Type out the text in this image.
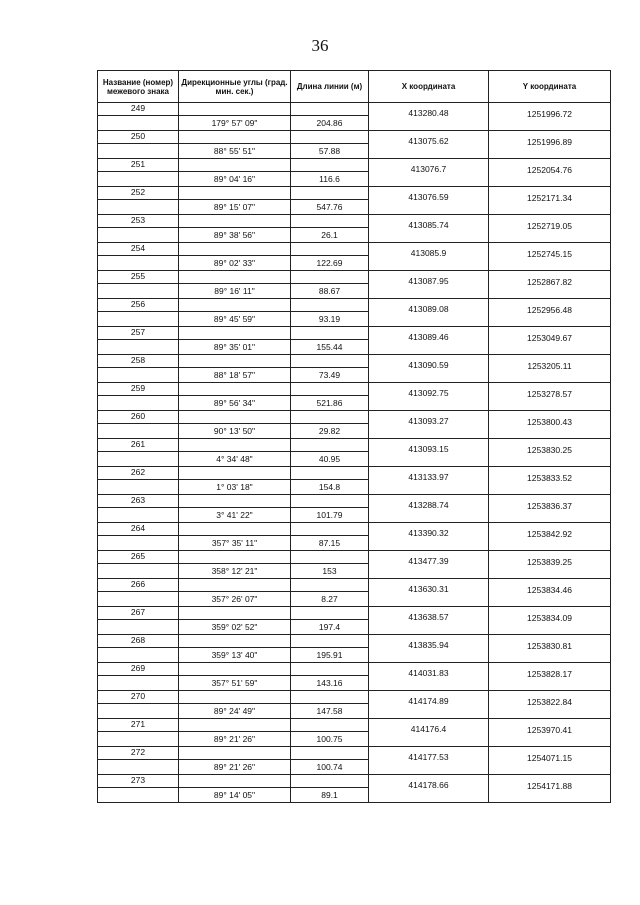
36
Название (номер) межевого знака	Дирекционные углы (град. мин. сек.)	Длина линии (м)	X координата	Y координата
249			413280.48	1251996.72
	179° 57' 09"	204.86		
250			413075.62	1251996.89
	88° 55' 51"	57.88		
251			413076.7	1252054.76
	89° 04' 16"	116.6		
252			413076.59	1252171.34
	89° 15' 07"	547.76		
253			413085.74	1252719.05
	89° 38' 56"	26.1		
254			413085.9	1252745.15
	89° 02' 33"	122.69		
255			413087.95	1252867.82
	89° 16' 11"	88.67		
256			413089.08	1252956.48
	89° 45' 59"	93.19		
257			413089.46	1253049.67
	89° 35' 01"	155.44		
258			413090.59	1253205.11
	88° 18' 57"	73.49		
259			413092.75	1253278.57
	89° 56' 34"	521.86		
260			413093.27	1253800.43
	90° 13' 50"	29.82		
261			413093.15	1253830.25
	4° 34' 48"	40.95		
262			413133.97	1253833.52
	1° 03' 18"	154.8		
263			413288.74	1253836.37
	3° 41' 22"	101.79		
264			413390.32	1253842.92
	357° 35' 11"	87.15		
265			413477.39	1253839.25
	358° 12' 21"	153		
266			413630.31	1253834.46
	357° 26' 07"	8.27		
267			413638.57	1253834.09
	359° 02' 52"	197.4		
268			413835.94	1253830.81
	359° 13' 40"	195.91		
269			414031.83	1253828.17
	357° 51' 59"	143.16		
270			414174.89	1253822.84
	89° 24' 49"	147.58		
271			414176.4	1253970.41
	89° 21' 26"	100.75		
272			414177.53	1254071.15
	89° 21' 26"	100.74		
273			414178.66	1254171.88
	89° 14' 05"	89.1		
